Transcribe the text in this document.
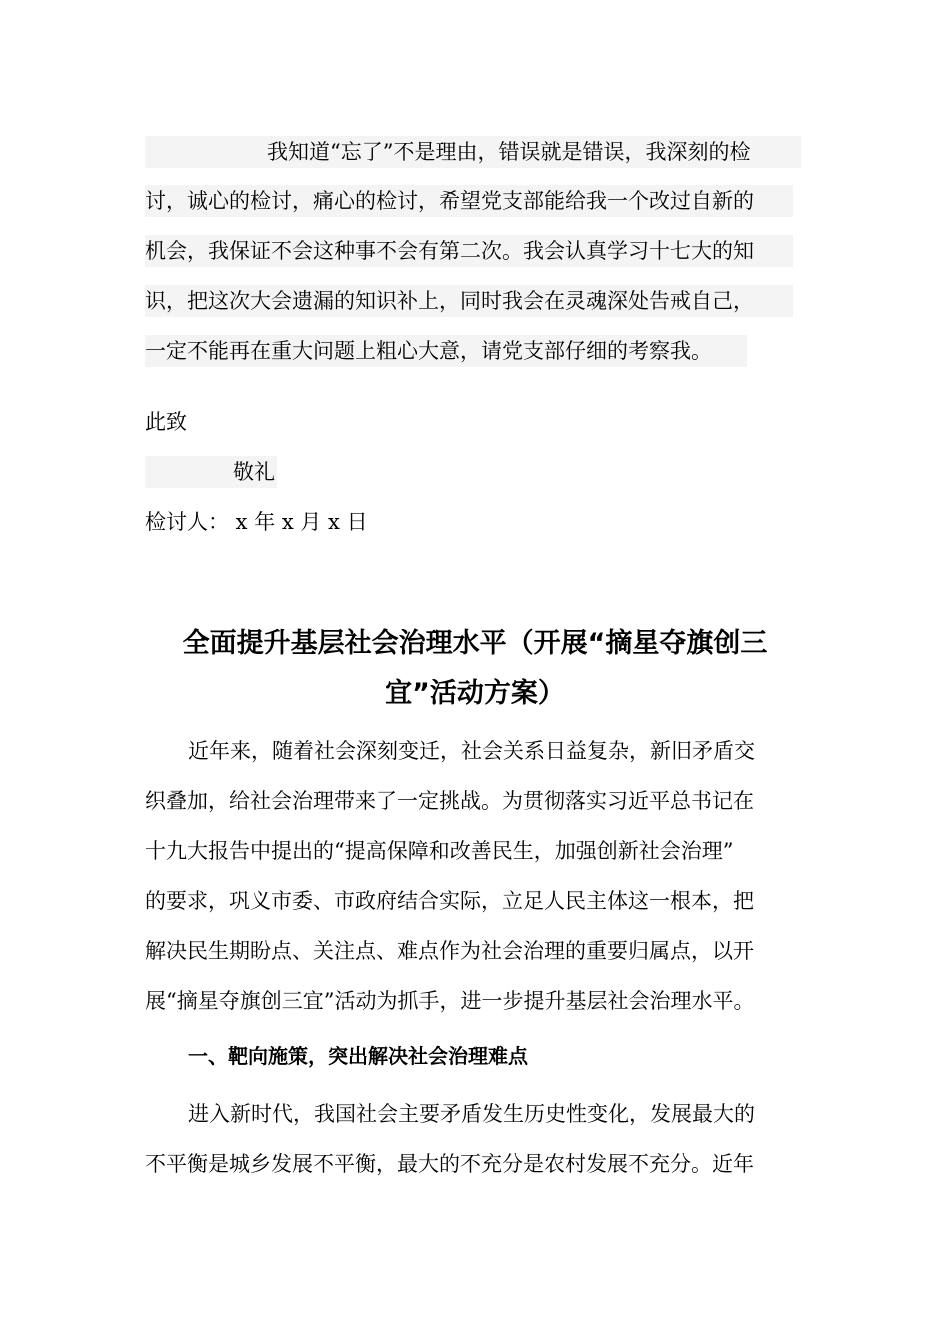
我知道“忘了”不是理由，错误就是错误，我深刻的检
讨，诚心的检讨，痛心的检讨，希望党支部能给我一个改过自新的
机会，我保证不会这种事不会有第二次。我会认真学习十七大的知
识，把这次大会遗漏的知识补上，同时我会在灵魂深处告戒自己，
一定不能再在重大问题上粗心大意，请党支部仔细的考察我。
此致
敬礼
检讨人： x 年 x 月 x 日
全面提升基层社会治理水平（开展“摘星夺旗创三
宜”活动方案）
近年来，随着社会深刻变迁，社会关系日益复杂，新旧矛盾交
织叠加，给社会治理带来了一定挑战。为贯彻落实习近平总书记在
十九大报告中提出的“提高保障和改善民生，加强创新社会治理”
的要求，巩义市委、市政府结合实际，立足人民主体这一根本，把
解决民生期盼点、关注点、难点作为社会治理的重要归属点，以开
展“摘星夺旗创三宜”活动为抓手，进一步提升基层社会治理水平。
一、靶向施策，突出解决社会治理难点
进入新时代，我国社会主要矛盾发生历史性变化，发展最大的
不平衡是城乡发展不平衡，最大的不充分是农村发展不充分。近年
